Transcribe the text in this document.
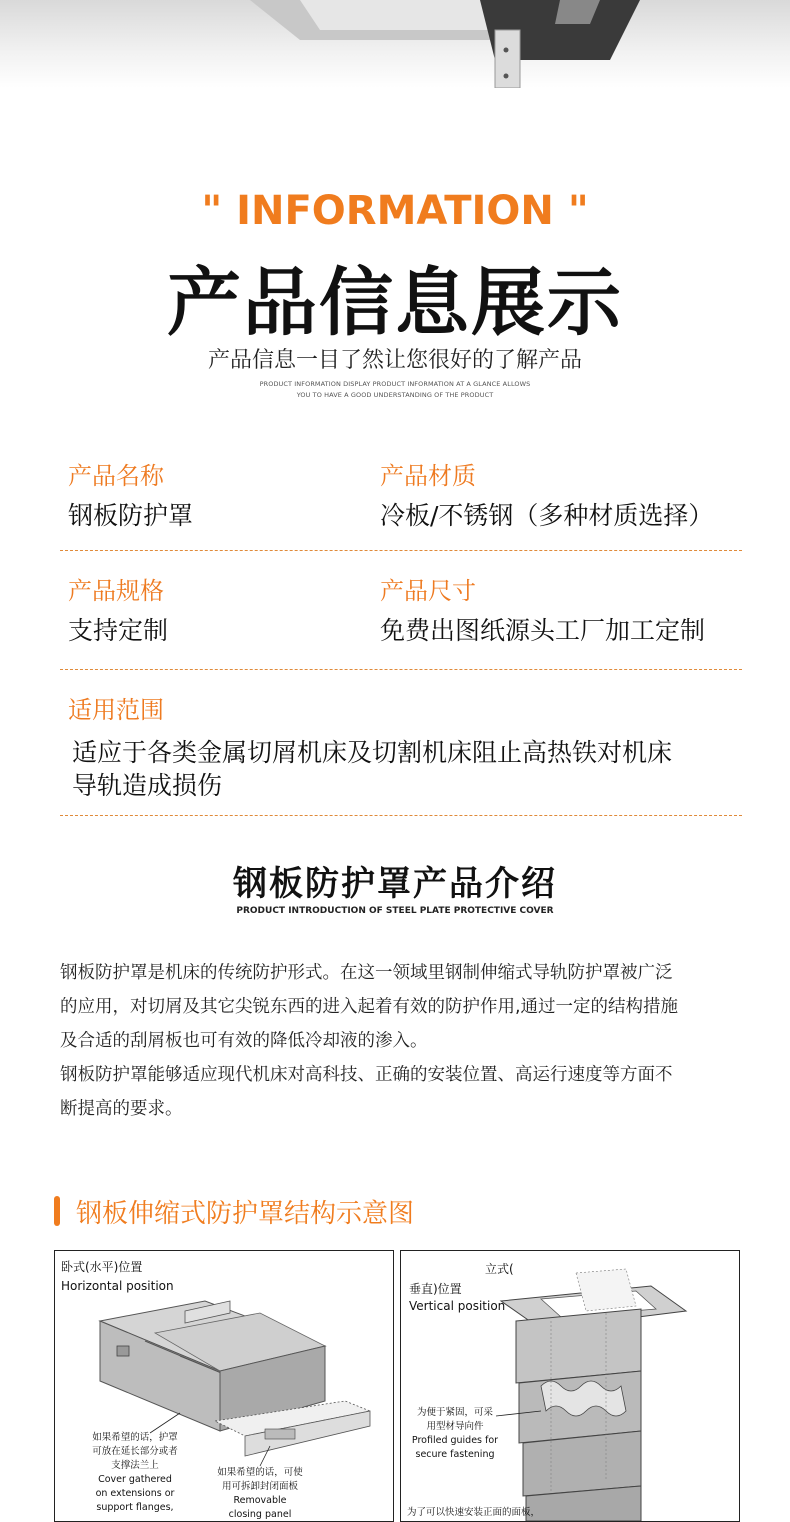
" INFORMATION "
产品信息展示
产品信息一目了然让您很好的了解产品
PRODUCT INFORMATION DISPLAY PRODUCT INFORMATION AT A GLANCE ALLOWS
YOU TO HAVE A GOOD UNDERSTANDING OF THE PRODUCT
产品名称
钢板防护罩
产品材质
冷板/不锈钢（多种材质选择）
产品规格
支持定制
产品尺寸
免费出图纸源头工厂加工定制
适用范围
适应于各类金属切屑机床及切割机床阻止高热铁对机床
导轨造成损伤
钢板防护罩产品介绍
PRODUCT INTRODUCTION OF STEEL PLATE PROTECTIVE COVER

钢板防护罩是机床的传统防护形式。在这一领域里钢制伸缩式导轨防护罩被广泛

的应用，对切屑及其它尖锐东西的进入起着有效的防护作用,通过一定的结构措施

及合适的刮屑板也可有效的降低冷却液的渗入。

钢板防护罩能够适应现代机床对高科技、正确的安装位置、高运行速度等方面不

断提高的要求。

钢板伸缩式防护罩结构示意图
卧式(水平)位置
Horizontal position
如果希望的话，护罩
可放在延长部分或者
支撑法兰上
Cover gathered
on extensions or
support flanges,
如果希望的话，可使
用可拆卸封闭面板
Removable
closing panel
立式(
垂直)位置
Vertical position
为便于紧固，可采
用型材导向件
Profiled guides for
secure fastening
为了可以快速安装正面的面板，
